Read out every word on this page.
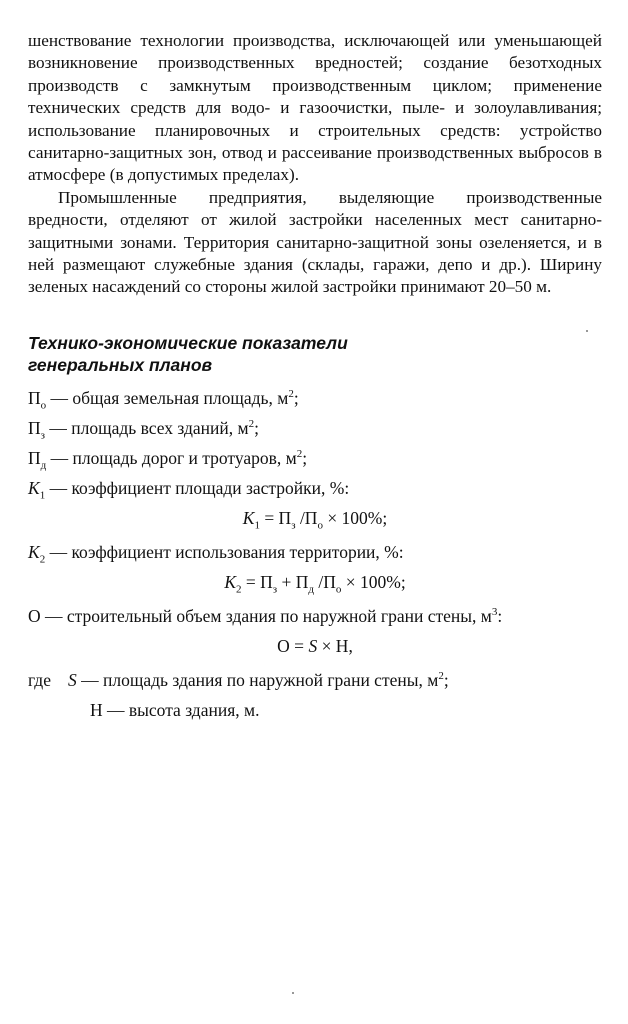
шенствование технологии производства, исключающей или уменьшающей возникновение производственных вредностей; создание безотходных производств с замкнутым производственным циклом; применение технических средств для водо- и газоочистки, пыле- и золоулавливания; использование планировочных и строительных средств: устройство санитарно-защитных зон, отвод и рассеивание производственных выбросов в атмосфере (в допустимых пределах).

Промышленные предприятия, выделяющие производственные вредности, отделяют от жилой застройки населенных мест санитарно-защитными зонами. Территория санитарно-защитной зоны озеленяется, и в ней размещают служебные здания (склады, гаражи, депо и др.). Ширину зеленых насаждений со стороны жилой застройки принимают 20–50 м.

Технико-экономические показатели
генеральных планов
$П_о$ — общая земельная площадь, $м^2$;
$П_з$ — площадь всех зданий, $м^2$;
$П_д$ — площадь дорог и тротуаров, $м^2$;
$K_1$ — коэффициент площади застройки, %:
$K_1 = П_з$ $/П_о \times 100\%$;
$K_2$ — коэффициент использования территории, %:
$K_2 = П_з + П_д$ $/П_о \times 100\%$;
О — строительный объем здания по наружной грани стены, $м^3$:
О = S × Н,
где S — площадь здания по наружной грани стены, $м^2$;
Н — высота здания, м.
